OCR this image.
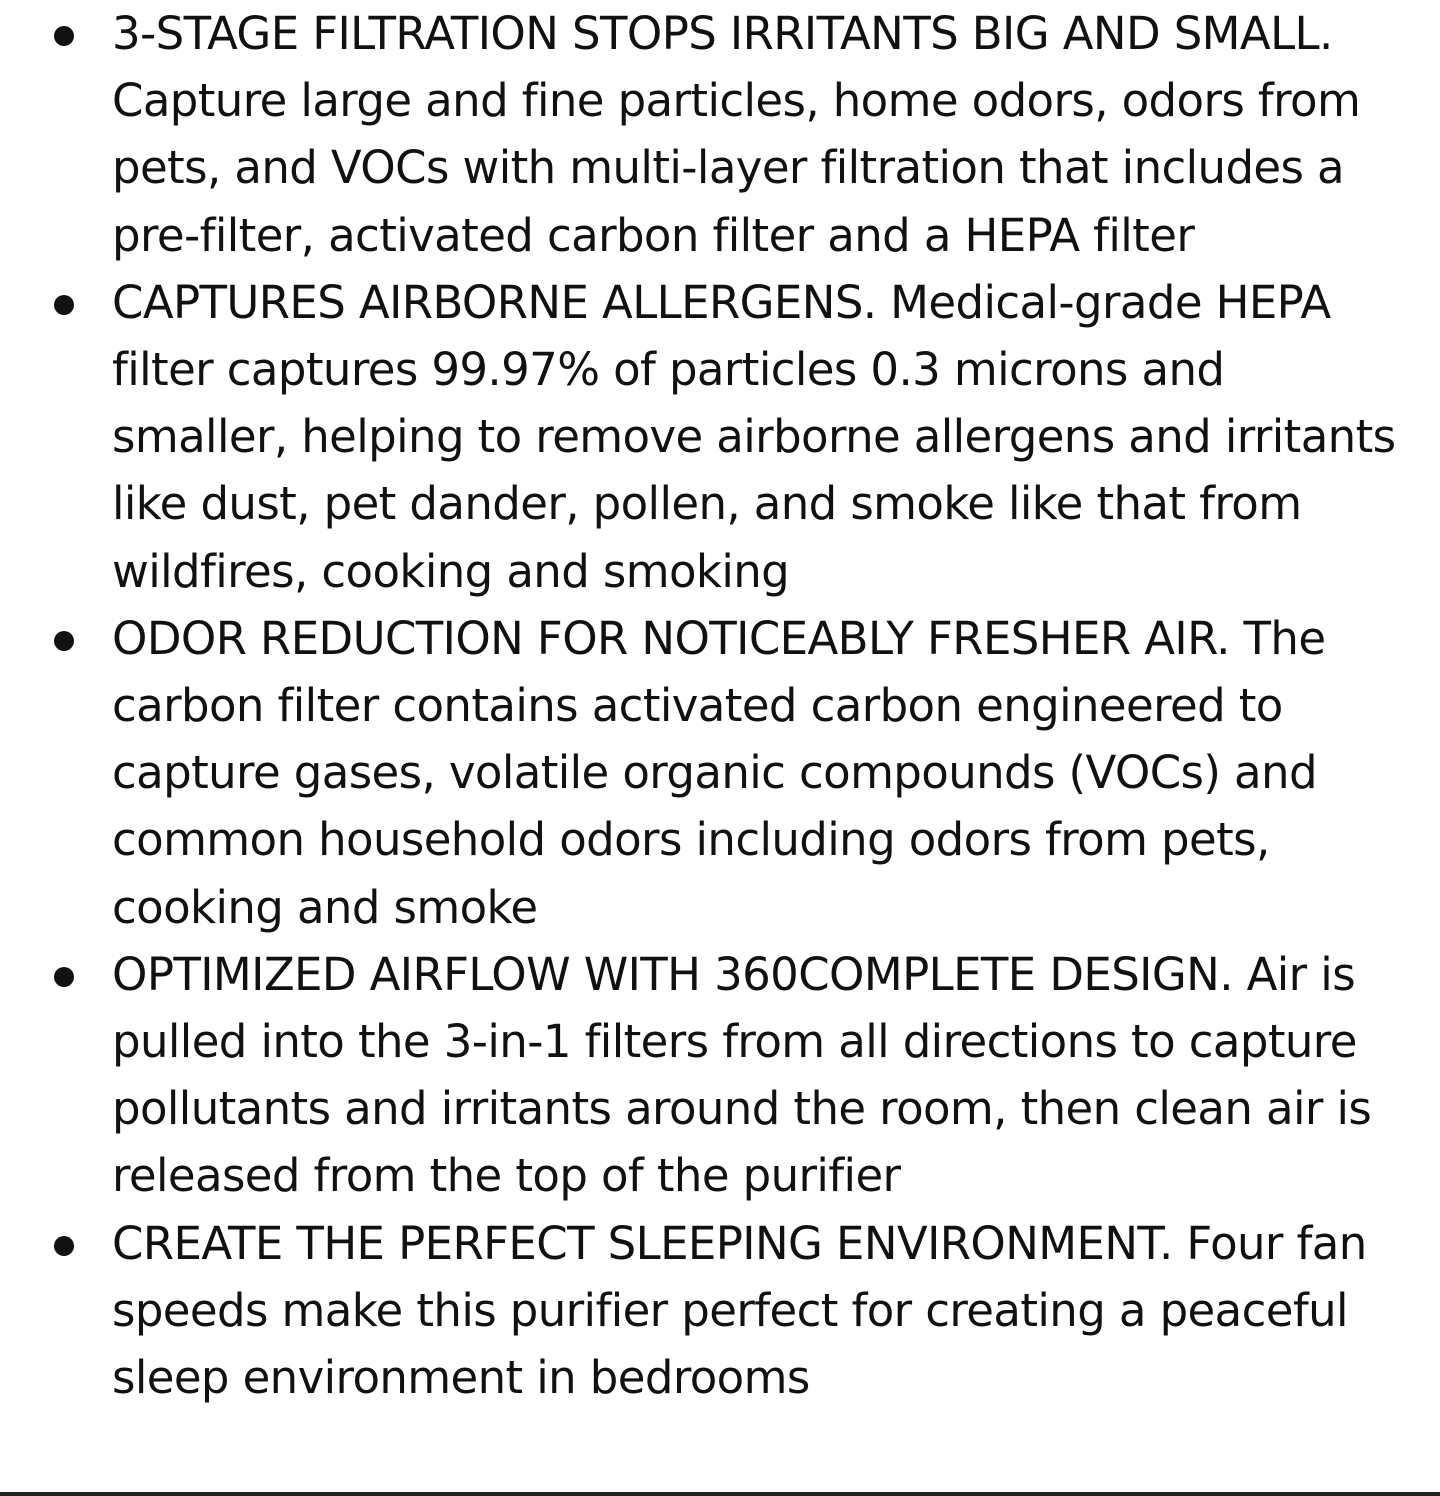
3-STAGE FILTRATION STOPS IRRITANTS BIG AND SMALL. Capture large and fine particles, home odors, odors from pets, and VOCs with multi-layer filtration that includes a pre-filter, activated carbon filter and a HEPA filter
CAPTURES AIRBORNE ALLERGENS. Medical-grade HEPA filter captures 99.97% of particles 0.3 microns and smaller, helping to remove airborne allergens and irritants like dust, pet dander, pollen, and smoke like that from wildfires, cooking and smoking
ODOR REDUCTION FOR NOTICEABLY FRESHER AIR. The carbon filter contains activated carbon engineered to capture gases, volatile organic compounds (VOCs) and common household odors including odors from pets, cooking and smoke
OPTIMIZED AIRFLOW WITH 360COMPLETE DESIGN. Air is pulled into the 3-in-1 filters from all directions to capture pollutants and irritants around the room, then clean air is released from the top of the purifier
CREATE THE PERFECT SLEEPING ENVIRONMENT. Four fan speeds make this purifier perfect for creating a peaceful sleep environment in bedrooms
